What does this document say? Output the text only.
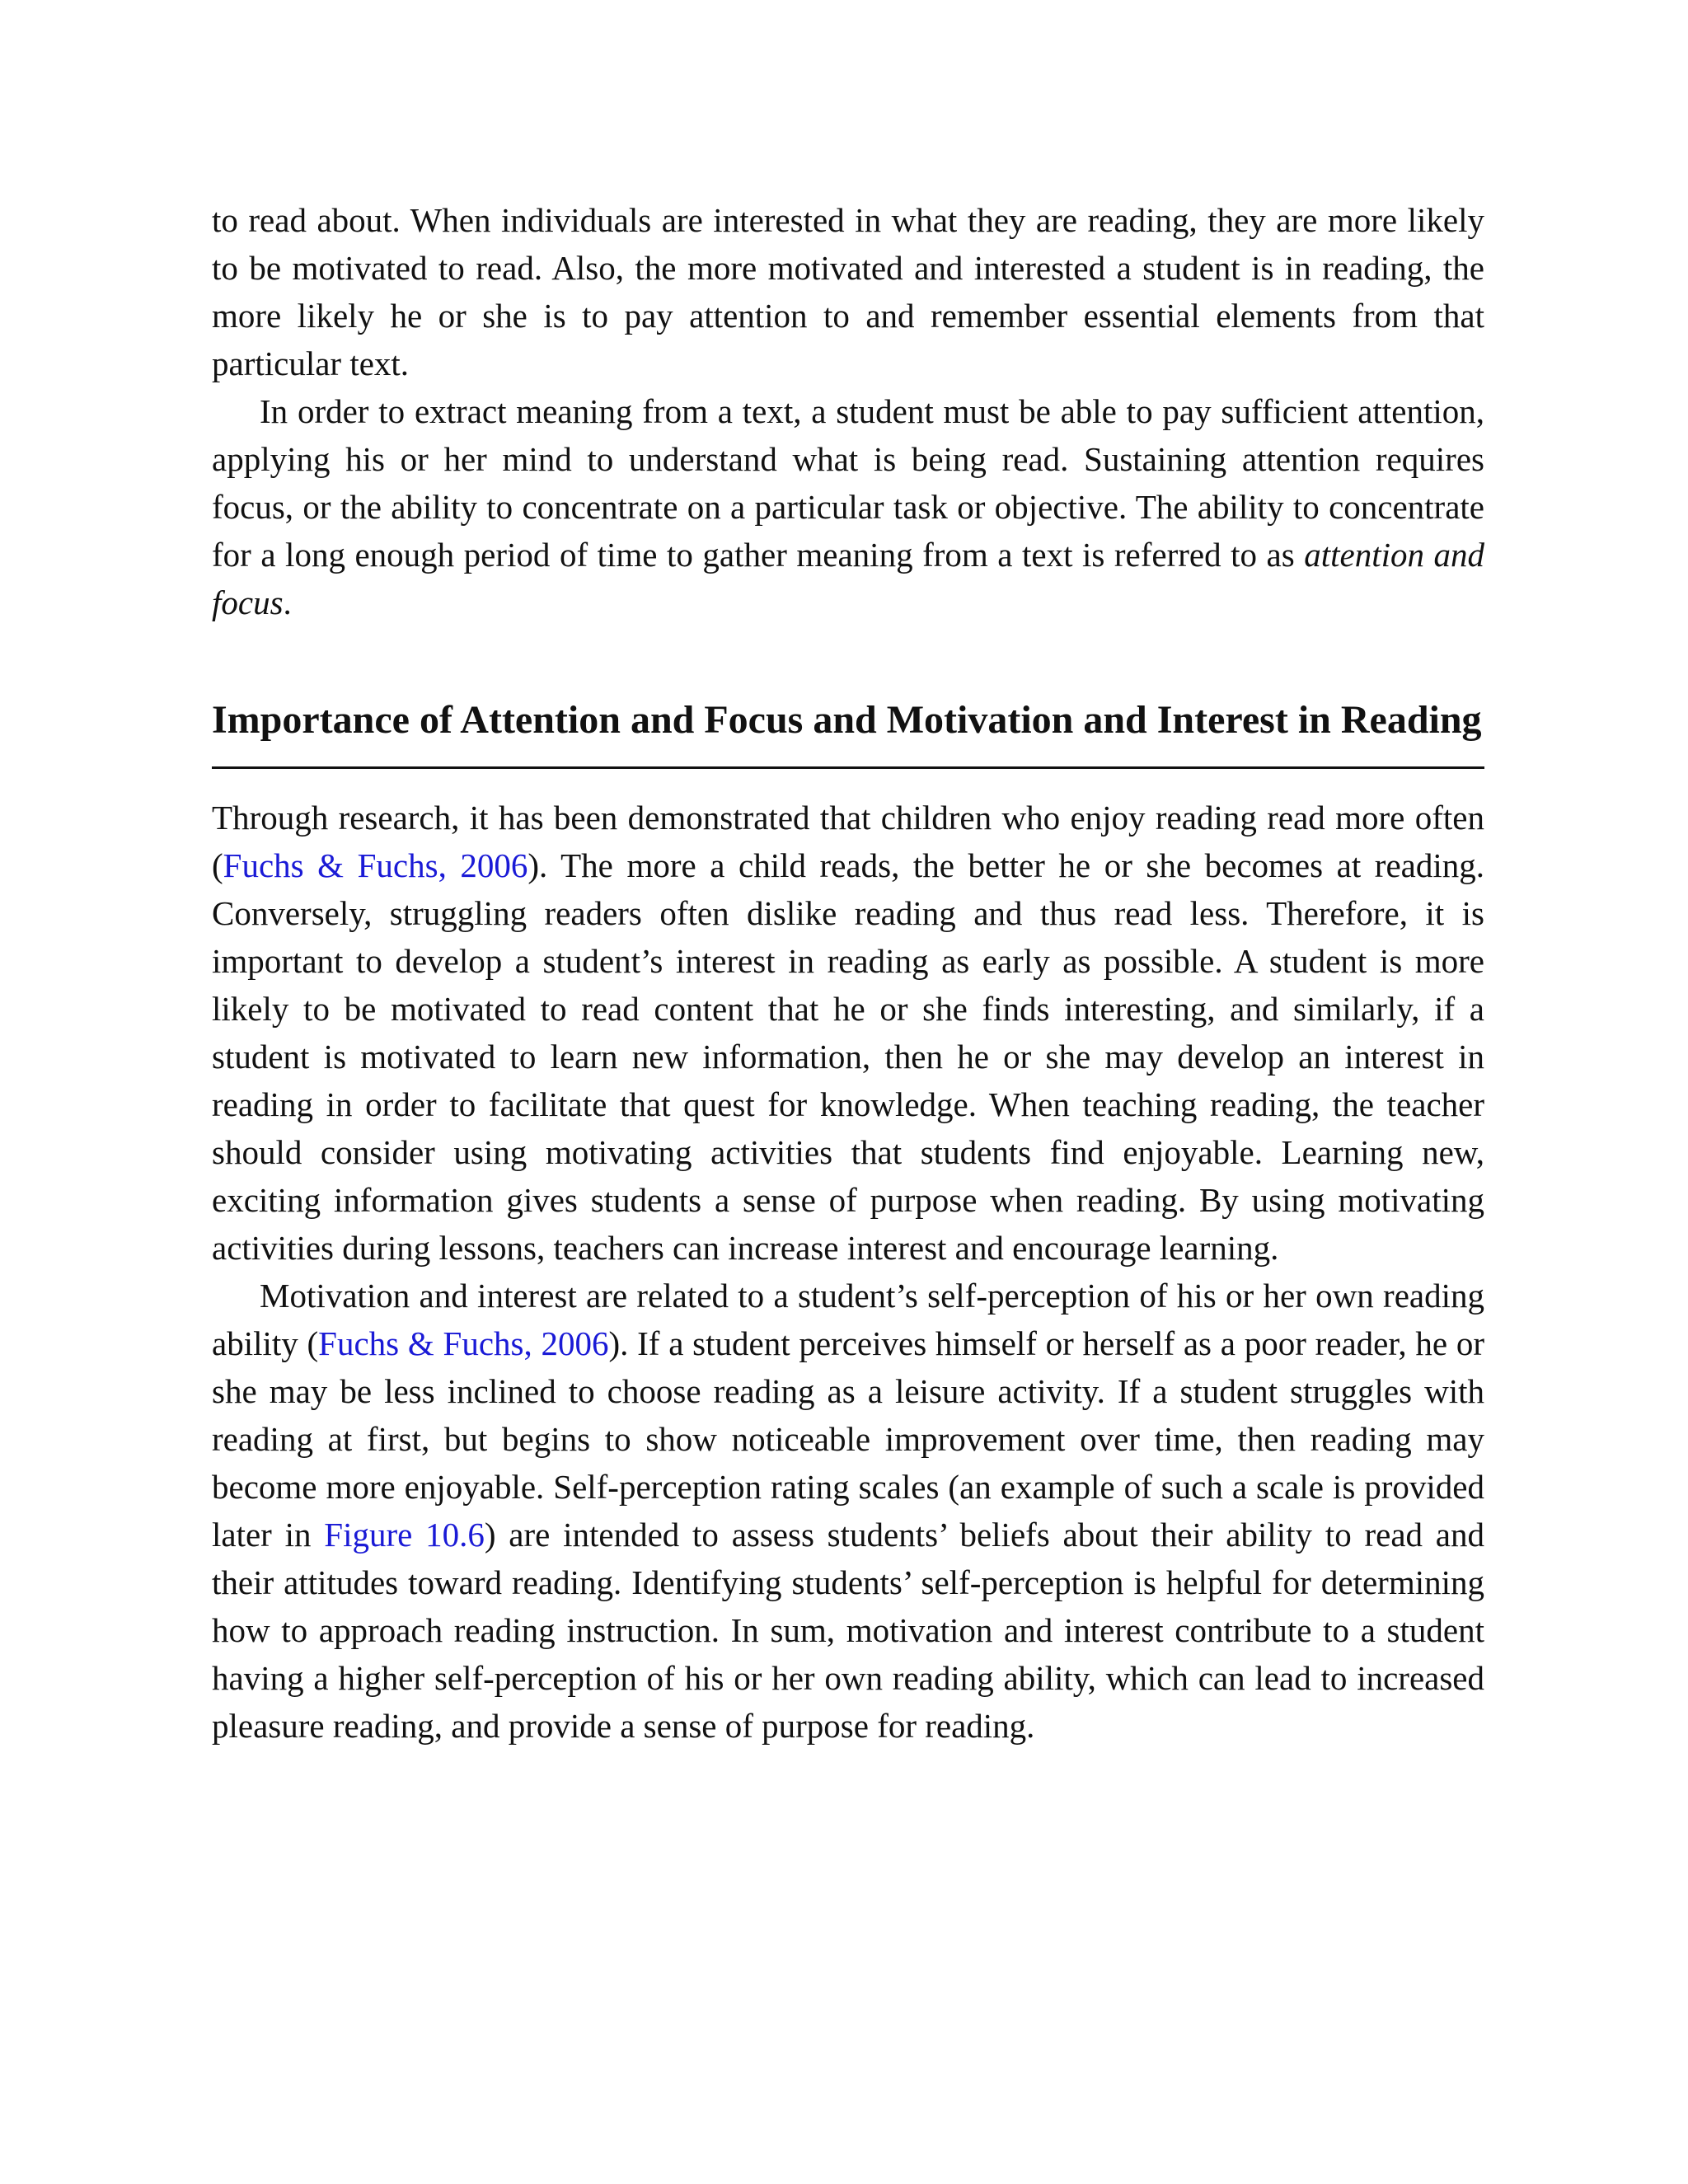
to read about. When individuals are interested in what they are reading, they are more likely to be motivated to read. Also, the more motivated and interested a student is in reading, the more likely he or she is to pay attention to and remember essential elements from that particular text.

In order to extract meaning from a text, a student must be able to pay sufficient attention, applying his or her mind to understand what is being read. Sustaining attention requires focus, or the ability to concentrate on a particular task or objective. The ability to concentrate for a long enough period of time to gather meaning from a text is referred to as attention and focus.

Importance of Attention and Focus and Motivation and Interest in Reading

Through research, it has been demonstrated that children who enjoy reading read more often (Fuchs & Fuchs, 2006). The more a child reads, the better he or she becomes at reading. Conversely, struggling readers often dislike reading and thus read less. Therefore, it is important to develop a student’s interest in reading as early as possible. A student is more likely to be motivated to read content that he or she finds interesting, and similarly, if a student is motivated to learn new information, then he or she may develop an interest in reading in order to facilitate that quest for knowledge. When teaching reading, the teacher should consider using motivating activities that students find enjoyable. Learning new, exciting information gives students a sense of purpose when reading. By using motivating activities during lessons, teachers can increase interest and encourage learning.

Motivation and interest are related to a student’s self-perception of his or her own reading ability (Fuchs & Fuchs, 2006). If a student perceives himself or herself as a poor reader, he or she may be less inclined to choose reading as a leisure activity. If a student struggles with reading at first, but begins to show noticeable improvement over time, then reading may become more enjoyable. Self-perception rating scales (an example of such a scale is provided later in Figure 10.6) are intended to assess students’ beliefs about their ability to read and their attitudes toward reading. Identifying students’ self-perception is helpful for determining how to approach reading instruction. In sum, motivation and interest contribute to a student having a higher self-perception of his or her own reading ability, which can lead to increased pleasure reading, and provide a sense of purpose for reading.
